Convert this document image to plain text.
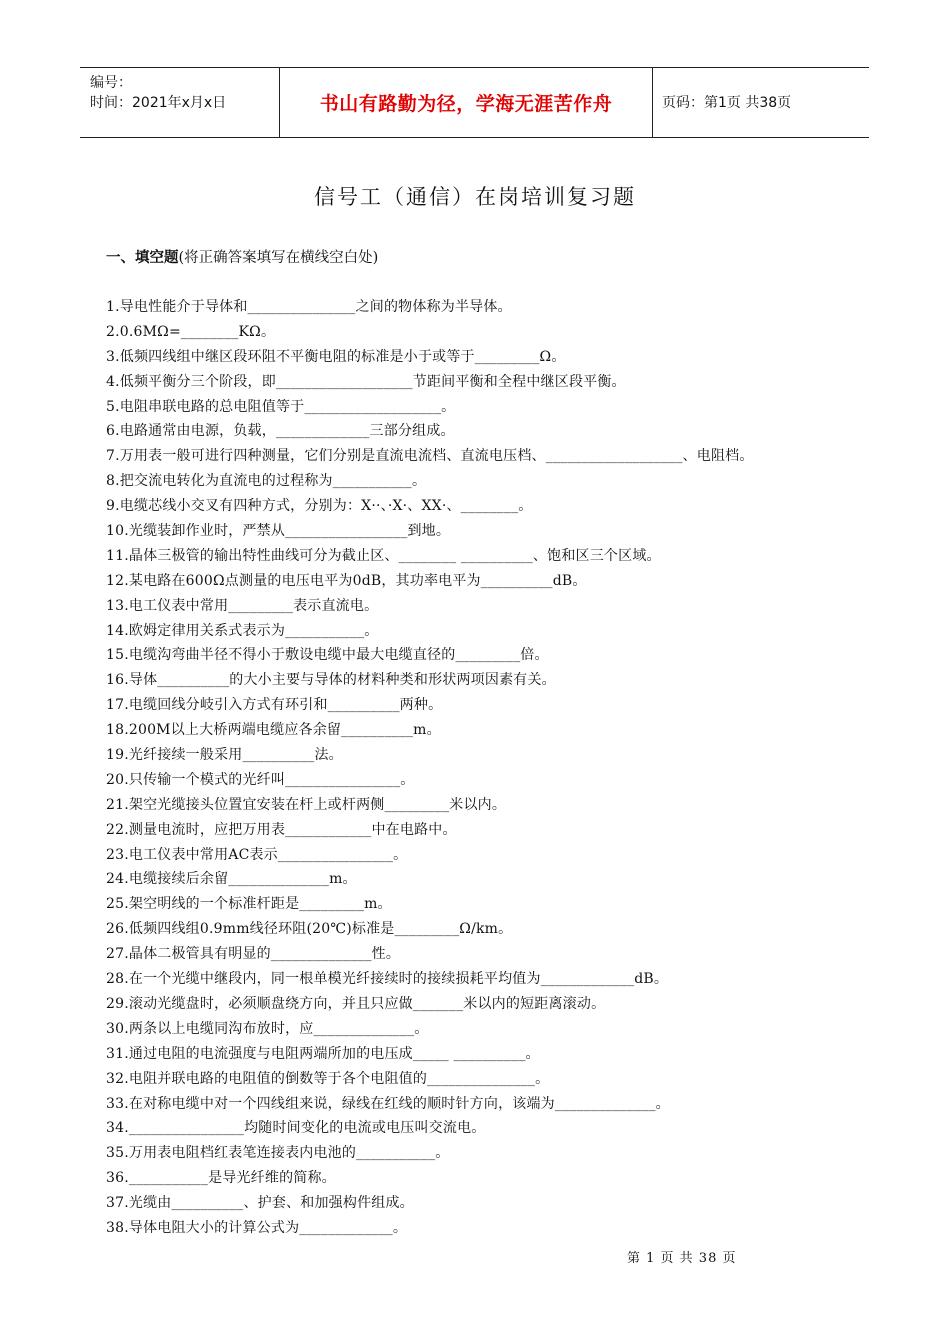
编号：
时间：2021年x月x日	书山有路勤为径，学海无涯苦作舟	页码：第1页 共38页
信号工（通信）在岗培训复习题
一、填空题(将正确答案填写在横线空白处)
1.导电性能介于导体和_______________之间的物体称为半导体。
2.0.6MΩ=________KΩ。
3.低频四线组中继区段环阻不平衡电阻的标准是小于或等于_________Ω。
4.低频平衡分三个阶段，即___________________节距间平衡和全程中继区段平衡。
5.电阻串联电路的总电阻值等于___________________。
6.电路通常由电源，负载，_____________三部分组成。
7.万用表一般可进行四种测量，它们分别是直流电流档、直流电压档、___________________、电阻档。
8.把交流电转化为直流电的过程称为___________。
9.电缆芯线小交叉有四种方式，分别为：X··、·X·、XX·、________。
10.光缆装卸作业时，严禁从_________________到地。
11.晶体三极管的输出特性曲线可分为截止区、________ __________、饱和区三个区域。
12.某电路在600Ω点测量的电压电平为0dB，其功率电平为__________dB。
13.电工仪表中常用_________表示直流电。
14.欧姆定律用关系式表示为___________。
15.电缆沟弯曲半径不得小于敷设电缆中最大电缆直径的_________倍。
16.导体__________的大小主要与导体的材料种类和形状两项因素有关。
17.电缆回线分岐引入方式有环引和__________两种。
18.200M以上大桥两端电缆应各余留__________m。
19.光纤接续一般采用__________法。
20.只传输一个模式的光纤叫________________。
21.架空光缆接头位置宜安装在杆上或杆两侧_________米以内。
22.测量电流时，应把万用表____________中在电路中。
23.电工仪表中常用AC表示________________。
24.电缆接续后余留______________m。
25.架空明线的一个标准杆距是_________m。
26.低频四线组0.9mm线径环阻(20℃)标准是_________Ω/km。
27.晶体二极管具有明显的______________性。
28.在一个光缆中继段内，同一根单模光纤接续时的接续损耗平均值为_____________dB。
29.滚动光缆盘时，必须顺盘绕方向，并且只应做_______米以内的短距离滚动。
30.两条以上电缆同沟布放时，应______________。
31.通过电阻的电流强度与电阻两端所加的电压成_____ __________。
32.电阻并联电路的电阻值的倒数等于各个电阻值的_______________。
33.在对称电缆中对一个四线组来说，绿线在红线的顺时针方向，该端为______________。
34.________________均随时间变化的电流或电压叫交流电。
35.万用表电阻档红表笔连接表内电池的___________。
36.___________是导光纤维的简称。
37.光缆由__________、护套、和加强构件组成。
38.导体电阻大小的计算公式为_____________。
第 1 页 共 38 页
